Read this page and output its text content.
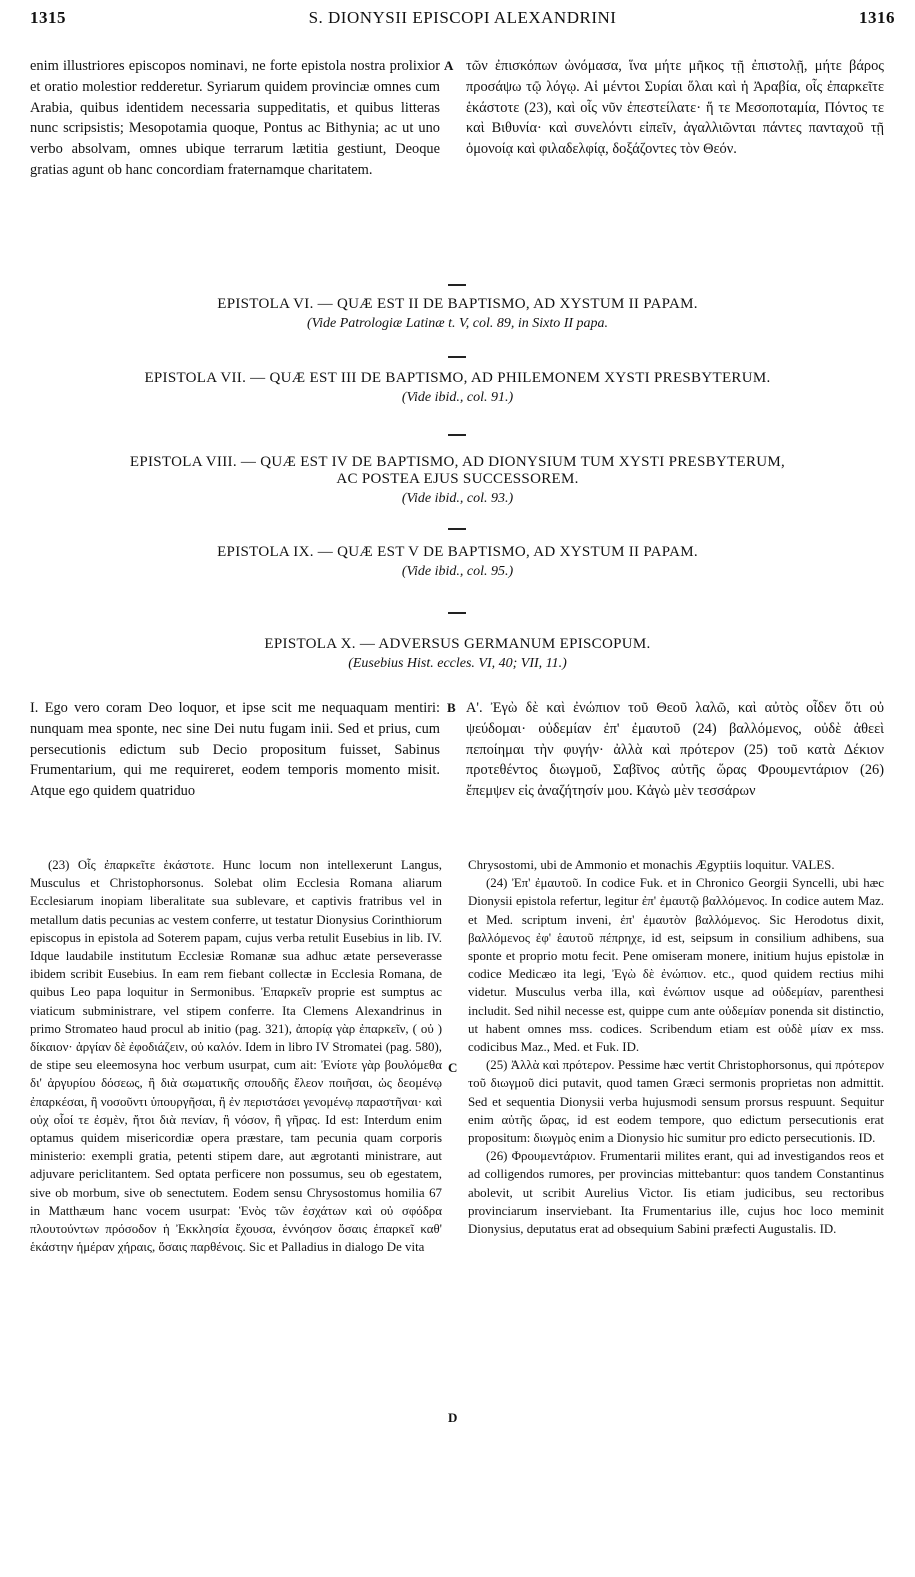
1315	S. DIONYSII EPISCOPI ALEXANDRINI	1316

enim illustriores episcopos nominavi, ne forte epistola nostra prolixior et oratio molestior redderetur. Syriarum quidem provinciæ omnes cum Arabia, quibus identidem necessaria suppeditatis, et quibus litteras nunc scripsistis; Mesopotamia quoque, Pontus ac Bithynia; ac ut uno verbo absolvam, omnes ubique terrarum lætitia gestiunt, Deoque gratias agunt ob hanc concordiam fraternamque charitatem.

A τῶν ἐπισκόπων ὠνόμασα, ἵνα μήτε μῆκος τῇ ἐπιστολῇ, μήτε βάρος προσάψω τῷ λόγῳ. Αἱ μέντοι Συρίαι ὅλαι καὶ ἡ Ἀραβία, οἷς ἐπαρκεῖτε ἑκάστοτε (23), καὶ οἷς νῦν ἐπεστείλατε· ἥ τε Μεσοποταμία, Πόντος τε καὶ Βιθυνία· καὶ συνελόντι εἰπεῖν, ἀγαλλιῶνται πάντες πανταχοῦ τῇ ὁμονοίᾳ καὶ φιλαδελφίᾳ, δοξάζοντες τὸν Θεόν.

EPISTOLA VI. — QUÆ EST II DE BAPTISMO, AD XYSTUM II PAPAM.
(Vide Patrologiæ Latinæ t. V, col. 89, in Sixto II papa.
EPISTOLA VII. — QUÆ EST III DE BAPTISMO, AD PHILEMONEM XYSTI PRESBYTERUM.
(Vide ibid., col. 91.)
EPISTOLA VIII. — QUÆ EST IV DE BAPTISMO, AD DIONYSIUM TUM XYSTI PRESBYTERUM,
AC POSTEA EJUS SUCCESSOREM.
(Vide ibid., col. 93.)
EPISTOLA IX. — QUÆ EST V DE BAPTISMO, AD XYSTUM II PAPAM.
(Vide ibid., col. 95.)
EPISTOLA X. — ADVERSUS GERMANUM EPISCOPUM.
(Eusebius Hist. eccles. VI, 40; VII, 11.)

I. Ego vero coram Deo loquor, et ipse scit me nequaquam mentiri: nunquam mea sponte, nec sine Dei nutu fugam inii. Sed et prius, cum persecutionis edictum sub Decio propositum fuisset, Sabinus Frumentarium, qui me requireret, eodem temporis momento misit. Atque ego quidem quatriduo

B Α'. Ἐγὼ δὲ καὶ ἐνώπιον τοῦ Θεοῦ λαλῶ, καὶ αὐτὸς οἶδεν ὅτι οὐ ψεύδομαι· οὐδεμίαν ἐπ' ἐμαυτοῦ (24) βαλλόμενος, οὐδὲ ἀθεεὶ πεποίημαι τὴν φυγήν· ἀλλὰ καὶ πρότερον (25) τοῦ κατὰ Δέκιον προτεθέντος διωγμοῦ, Σαβῖνος αὐτῆς ὥρας Φρουμεντάριον (26) ἔπεμψεν εἰς ἀναζήτησίν μου. Κἀγὼ μὲν τεσσάρων

(23) Οἷς ἐπαρκεῖτε ἑκάστοτε. Hunc locum non intellexerunt Langus, Musculus et Christophorsonus. Solebat olim Ecclesia Romana aliarum Ecclesiarum inopiam liberalitate sua sublevare, et captivis fratribus vel in metallum datis pecunias ac vestem conferre, ut testatur Dionysius Corinthiorum episcopus in epistola ad Soterem papam, cujus verba retulit Eusebius in lib. IV. Idque laudabile institutum Ecclesiæ Romanæ sua adhuc ætate perseverasse ibidem scribit Eusebius. In eam rem fiebant collectæ in Ecclesia Romana, de quibus Leo papa loquitur in Sermonibus. Ἐπαρκεῖν proprie est sumptus ac viaticum subministrare, vel stipem conferre. Ita Clemens Alexandrinus in primo Stromateo haud procul ab initio (pag. 321), ἀπορίᾳ γὰρ ἐπαρκεῖν, ( οὐ ) δίκαιον· ἀργίαν δὲ ἐφοδιάζειν, οὐ καλόν. Idem in libro IV Stromatei (pag. 580), de stipe seu eleemosyna hoc verbum usurpat, cum ait: Ἐνίοτε γὰρ βουλόμεθα δι' ἀργυρίου δόσεως, ἢ διὰ σωματικῆς σπουδῆς ἔλεον ποιῆσαι, ὡς δεομένῳ ἐπαρκέσαι, ἢ νοσοῦντι ὑπουργῆσαι, ἢ ἐν περιστάσει γενομένῳ παραστῆναι· καὶ οὐχ οἷοί τε ἐσμὲν, ἤτοι διὰ πενίαν, ἢ νόσον, ἢ γῆρας. Id est: Interdum enim optamus quidem misericordiæ opera præstare, tam pecunia quam corporis ministerio: exempli gratia, petenti stipem dare, aut ægrotanti ministrare, aut adjuvare periclitantem. Sed optata perficere non possumus, seu ob egestatem, sive ob morbum, sive ob senectutem. Eodem sensu Chrysostomus homilia 67 in Matthæum hanc vocem usurpat: Ἑνὸς τῶν ἐσχάτων καὶ οὐ σφόδρα πλουτούντων πρόσοδον ἡ Ἐκκλησία ἔχουσα, ἐννόησον ὅσαις ἐπαρκεῖ καθ' ἑκάστην ἡμέραν χήραις, ὅσαις παρθένοις. Sic et Palladius in dialogo De vita

C
D

Chrysostomi, ubi de Ammonio et monachis Ægyptiis loquitur. VALES.

(24) Ἐπ' ἐμαυτοῦ. In codice Fuk. et in Chronico Georgii Syncelli, ubi hæc Dionysii epistola refertur, legitur ἐπ' ἐμαυτῷ βαλλόμενος. In codice autem Maz. et Med. scriptum inveni, ἐπ' ἐμαυτὸν βαλλόμενος. Sic Herodotus dixit, βαλλόμενος ἐφ' ἑαυτοῦ πέπρηχε, id est, seipsum in consilium adhibens, sua sponte et proprio motu fecit. Pene omiseram monere, initium hujus epistolæ in codice Medicæo ita legi, Ἐγὼ δὲ ἐνώπιον. etc., quod quidem rectius mihi videtur. Musculus verba illa, καὶ ἐνώπιον usque ad οὐδεμίαν, parenthesi includit. Sed nihil necesse est, quippe cum ante οὐδεμίαν ponenda sit distinctio, ut habent omnes mss. codices. Scribendum etiam est οὐδὲ μίαν ex mss. codicibus Maz., Med. et Fuk. ID.

(25) Ἀλλὰ καὶ πρότερον. Pessime hæc vertit Christophorsonus, qui πρότερον τοῦ διωγμοῦ dici putavit, quod tamen Græci sermonis proprietas non admittit. Sed et sequentia Dionysii verba hujusmodi sensum prorsus respuunt. Sequitur enim αὐτῆς ὥρας, id est eodem tempore, quo edictum persecutionis erat propositum: διωγμὸς enim a Dionysio hic sumitur pro edicto persecutionis. ID.

(26) Φρουμεντάριον. Frumentarii milites erant, qui ad investigandos reos et ad colligendos rumores, per provincias mittebantur: quos tandem Constantinus abolevit, ut scribit Aurelius Victor. Iis etiam judicibus, seu rectoribus provinciarum inserviebant. Ita Frumentarius ille, cujus hoc loco meminit Dionysius, deputatus erat ad obsequium Sabini præfecti Augustalis. ID.
